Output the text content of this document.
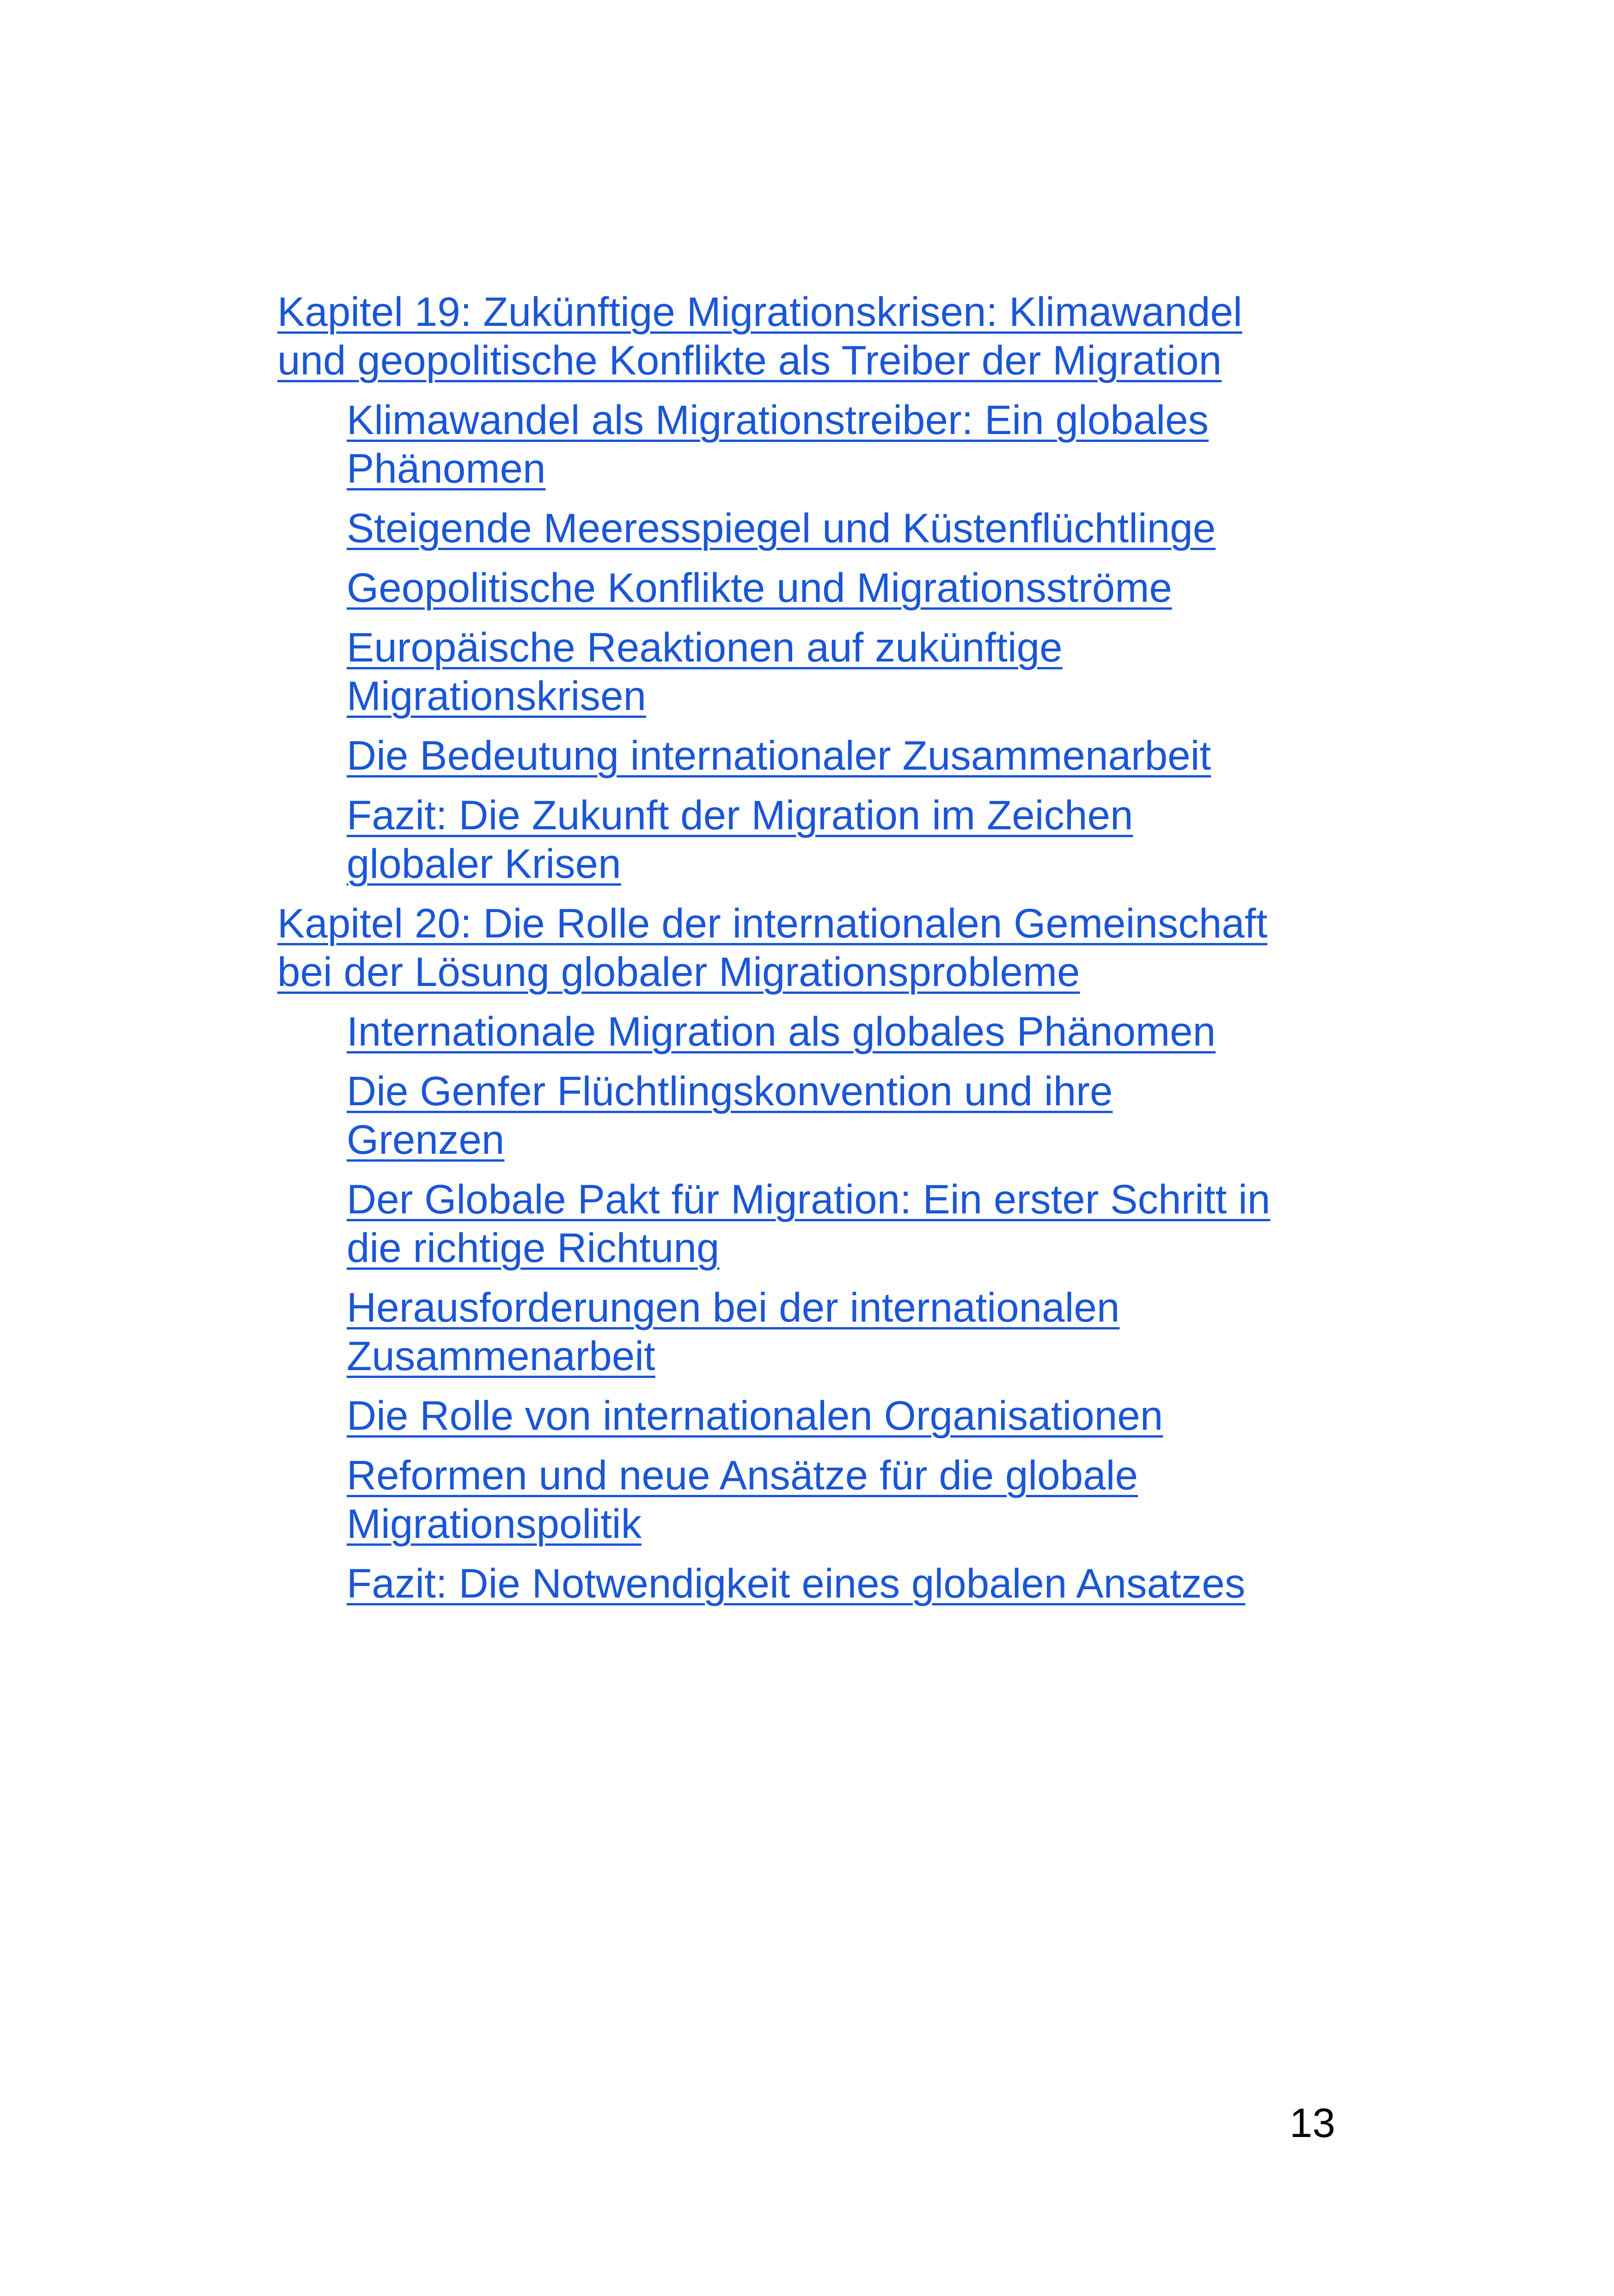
Kapitel 19: Zukünftige Migrationskrisen: Klimawandel und geopolitische Konflikte als Treiber der Migration
Klimawandel als Migrationstreiber: Ein globales Phänomen
Steigende Meeresspiegel und Küstenflüchtlinge
Geopolitische Konflikte und Migrationsströme
Europäische Reaktionen auf zukünftige Migrationskrisen
Die Bedeutung internationaler Zusammenarbeit
Fazit: Die Zukunft der Migration im Zeichen globaler Krisen
Kapitel 20: Die Rolle der internationalen Gemeinschaft bei der Lösung globaler Migrationsprobleme
Internationale Migration als globales Phänomen
Die Genfer Flüchtlingskonvention und ihre Grenzen
Der Globale Pakt für Migration: Ein erster Schritt in die richtige Richtung
Herausforderungen bei der internationalen Zusammenarbeit
Die Rolle von internationalen Organisationen
Reformen und neue Ansätze für die globale Migrationspolitik
Fazit: Die Notwendigkeit eines globalen Ansatzes
13
